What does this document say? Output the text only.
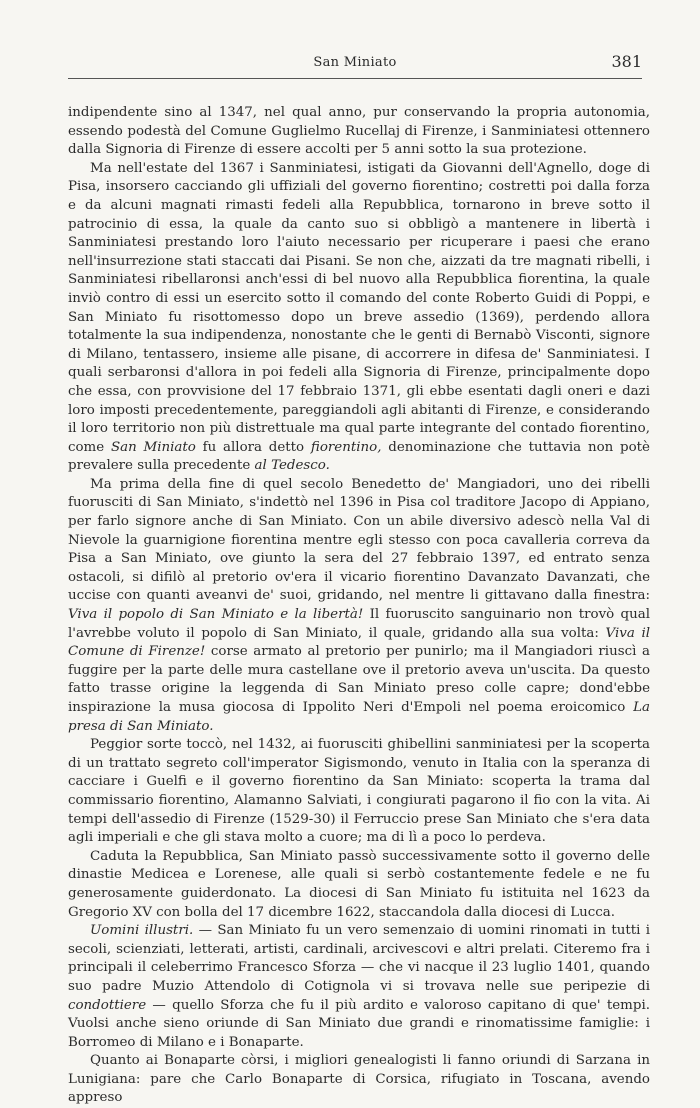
San Miniato	381

indipendente sino al 1347, nel qual anno, pur conservando la propria autonomia, essendo podestà del Comune Guglielmo Rucellaj di Firenze, i Sanminiatesi ottennero dalla Signoria di Firenze di essere accolti per 5 anni sotto la sua protezione.

Ma nell'estate del 1367 i Sanminiatesi, istigati da Giovanni dell'Agnello, doge di Pisa, insorsero cacciando gli uffiziali del governo fiorentino; costretti poi dalla forza e da alcuni magnati rimasti fedeli alla Repubblica, tornarono in breve sotto il patrocinio di essa, la quale da canto suo si obbligò a mantenere in libertà i Sanminiatesi prestando loro l'aiuto necessario per ricuperare i paesi che erano nell'insurrezione stati staccati dai Pisani. Se non che, aizzati da tre magnati ribelli, i Sanminiatesi ribellaronsi anch'essi di bel nuovo alla Repubblica fiorentina, la quale inviò contro di essi un esercito sotto il comando del conte Roberto Guidi di Poppi, e San Miniato fu risottomesso dopo un breve assedio (1369), perdendo allora totalmente la sua indipendenza, nonostante che le genti di Bernabò Visconti, signore di Milano, tentassero, insieme alle pisane, di accorrere in difesa de' Sanminiatesi. I quali serbaronsi d'allora in poi fedeli alla Signoria di Firenze, principalmente dopo che essa, con provvisione del 17 febbraio 1371, gli ebbe esentati dagli oneri e dazi loro imposti precedentemente, pareggiandoli agli abitanti di Firenze, e considerando il loro territorio non più distrettuale ma qual parte integrante del contado fiorentino, come San Miniato fu allora detto fiorentino, denominazione che tuttavia non potè prevalere sulla precedente al Tedesco.

Ma prima della fine di quel secolo Benedetto de' Mangiadori, uno dei ribelli fuorusciti di San Miniato, s'indettò nel 1396 in Pisa col traditore Jacopo di Appiano, per farlo signore anche di San Miniato. Con un abile diversivo adescò nella Val di Nievole la guarnigione fiorentina mentre egli stesso con poca cavalleria correva da Pisa a San Miniato, ove giunto la sera del 27 febbraio 1397, ed entrato senza ostacoli, si difilò al pretorio ov'era il vicario fiorentino Davanzato Davanzati, che uccise con quanti aveanvi de' suoi, gridando, nel mentre li gittavano dalla finestra: Viva il popolo di San Miniato e la libertà! Il fuoruscito sanguinario non trovò qual l'avrebbe voluto il popolo di San Miniato, il quale, gridando alla sua volta: Viva il Comune di Firenze! corse armato al pretorio per punirlo; ma il Mangiadori riuscì a fuggire per la parte delle mura castellane ove il pretorio aveva un'uscita. Da questo fatto trasse origine la leggenda di San Miniato preso colle capre; dond'ebbe inspirazione la musa giocosa di Ippolito Neri d'Empoli nel poema eroicomico La presa di San Miniato.

Peggior sorte toccò, nel 1432, ai fuorusciti ghibellini sanminiatesi per la scoperta di un trattato segreto coll'imperator Sigismondo, venuto in Italia con la speranza di cacciare i Guelfi e il governo fiorentino da San Miniato: scoperta la trama dal commissario fiorentino, Alamanno Salviati, i congiurati pagarono il fio con la vita. Ai tempi dell'assedio di Firenze (1529-30) il Ferruccio prese San Miniato che s'era data agli imperiali e che gli stava molto a cuore; ma di lì a poco lo perdeva.

Caduta la Repubblica, San Miniato passò successivamente sotto il governo delle dinastie Medicea e Lorenese, alle quali si serbò costantemente fedele e ne fu generosamente guiderdonato. La diocesi di San Miniato fu istituita nel 1623 da Gregorio XV con bolla del 17 dicembre 1622, staccandola dalla diocesi di Lucca.

Uomini illustri. — San Miniato fu un vero semenzaio di uomini rinomati in tutti i secoli, scienziati, letterati, artisti, cardinali, arcivescovi e altri prelati. Citeremo fra i principali il celeberrimo Francesco Sforza — che vi nacque il 23 luglio 1401, quando suo padre Muzio Attendolo di Cotignola vi si trovava nelle sue peripezie di condottiere — quello Sforza che fu il più ardito e valoroso capitano di que' tempi. Vuolsi anche sieno oriunde di San Miniato due grandi e rinomatissime famiglie: i Borromeo di Milano e i Bonaparte.

Quanto ai Bonaparte còrsi, i migliori genealogisti li fanno oriundi di Sarzana in Lunigiana: pare che Carlo Bonaparte di Corsica, rifugiato in Toscana, avendo appreso
